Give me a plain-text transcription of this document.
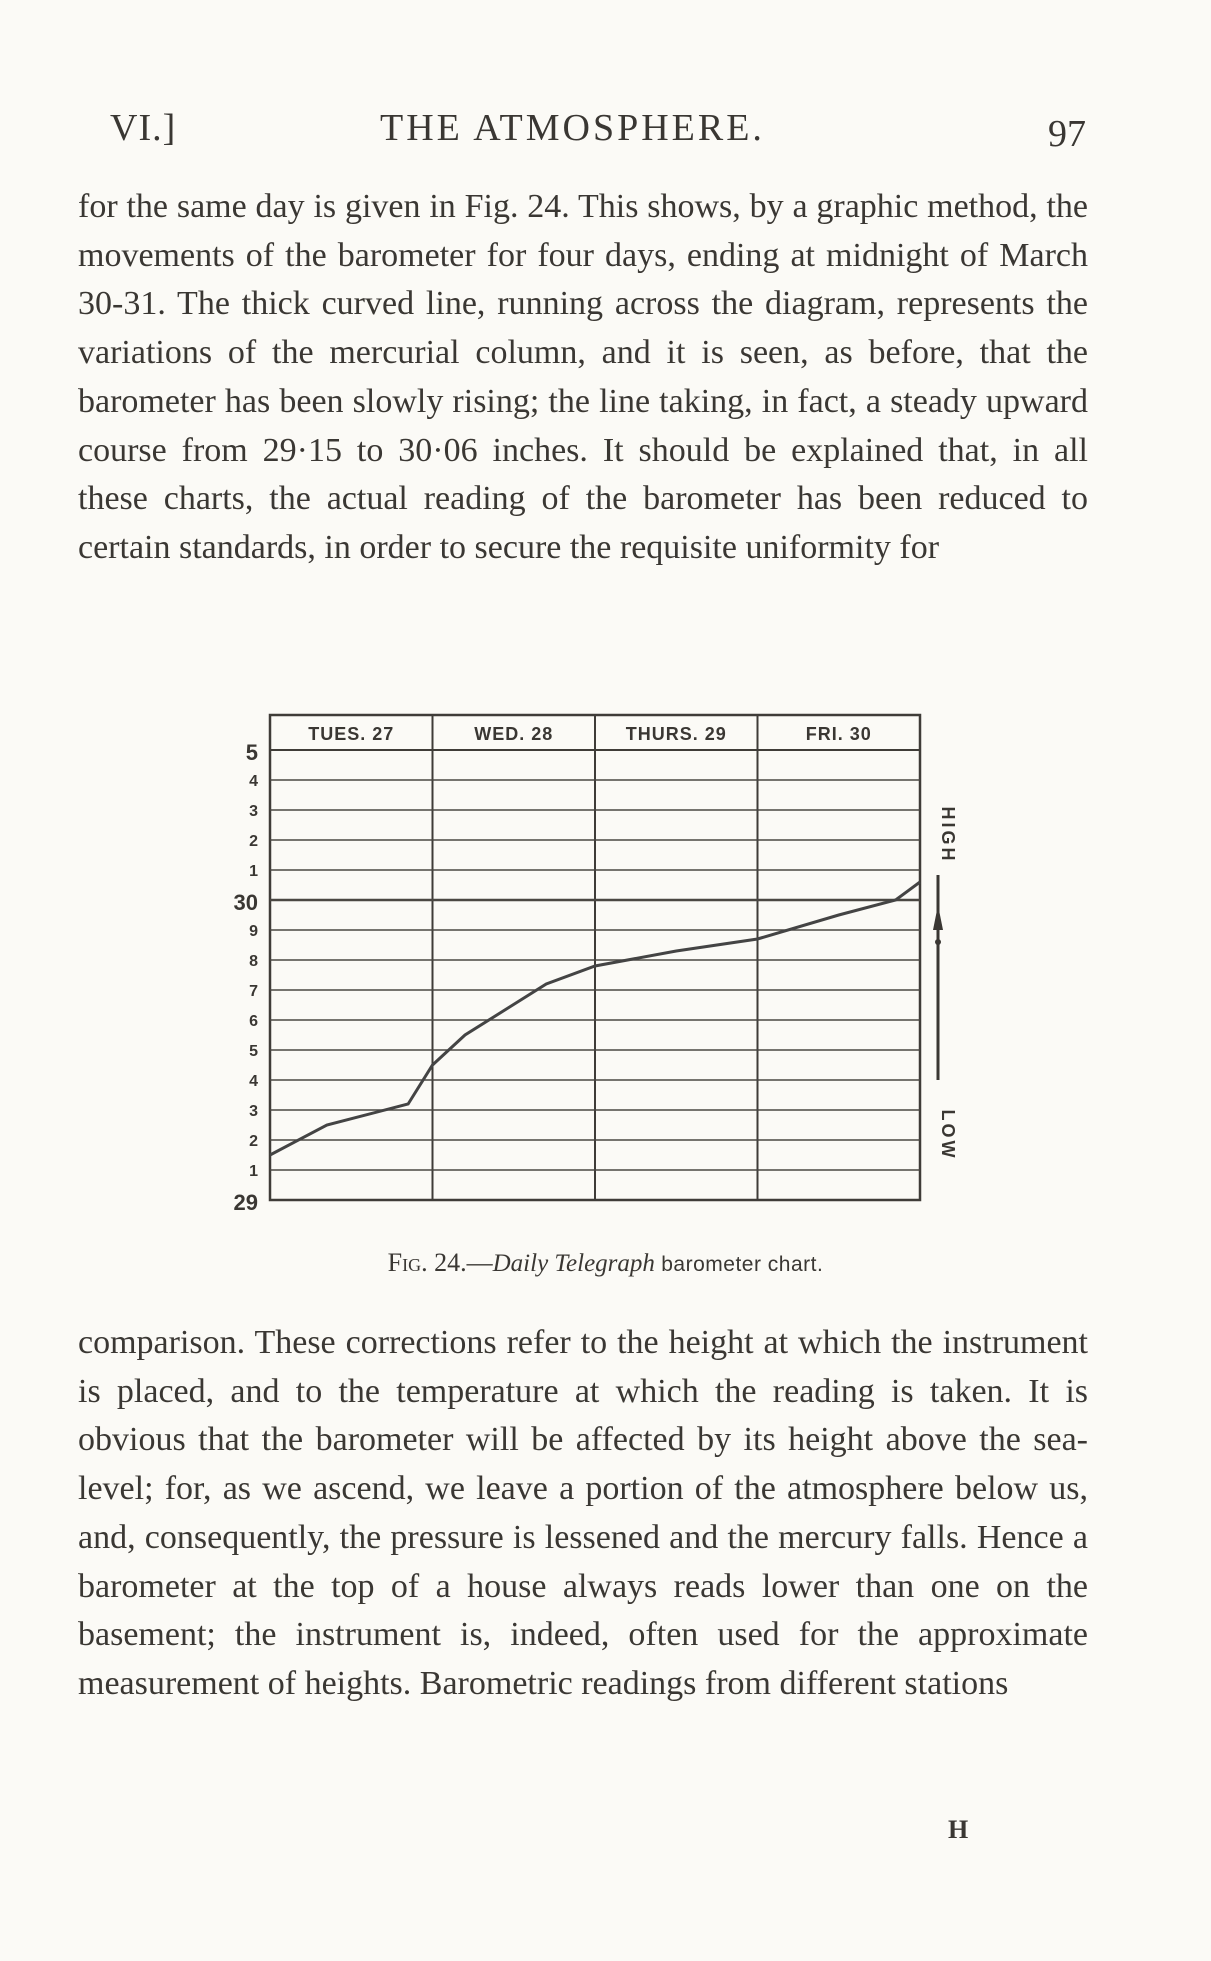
VI.]	THE ATMOSPHERE.	97

for the same day is given in Fig. 24. This shows, by a graphic method, the movements of the barometer for four days, ending at midnight of March 30-31. The thick curved line, running across the diagram, represents the variations of the mercurial column, and it is seen, as before, that the barometer has been slowly rising; the line taking, in fact, a steady upward course from 29·15 to 30·06 inches. It should be explained that, in all these charts, the actual reading of the barometer has been reduced to certain standards, in order to secure the requisite uniformity for

5
4
3
2
1
30
9
8
7
6
5
4
3
2
1
29
TUES. 27	WED. 28	THURS. 29	FRI. 30
HIGH
LOW
Fig. 24.—Daily Telegraph barometer chart.

comparison. These corrections refer to the height at which the instrument is placed, and to the temperature at which the reading is taken. It is obvious that the barometer will be affected by its height above the sea-level; for, as we ascend, we leave a portion of the atmosphere below us, and, consequently, the pressure is lessened and the mercury falls. Hence a barometer at the top of a house always reads lower than one on the basement; the instrument is, indeed, often used for the approximate measurement of heights. Barometric readings from different stations

H
